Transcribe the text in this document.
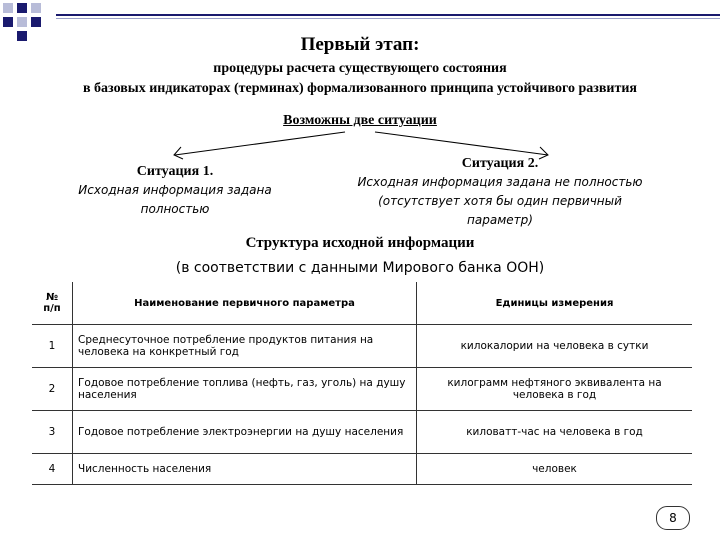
Первый этап:
процедуры расчета существующего состояния
в базовых индикаторах (терминах) формализованного принципа устойчивого развития
Возможны две ситуации
Ситуация 1.
Исходная информация задана
полностью
Ситуация 2.
Исходная информация задана не полностью
(отсутствует хотя бы один первичный
параметр)
Структура исходной информации
(в соответствии с данными Мирового банка ООН)
№
п/п	Наименование первичного параметра	Единицы измерения
1	Среднесуточное потребление продуктов питания на человека на конкретный год	килокалории на человека в сутки
2	Годовое потребление топлива (нефть, газ, уголь) на душу населения	килограмм нефтяного эквивалента на человека в год
3	Годовое потребление электроэнергии на душу населения	киловатт-час на человека в год
4	Численность населения	человек
8
